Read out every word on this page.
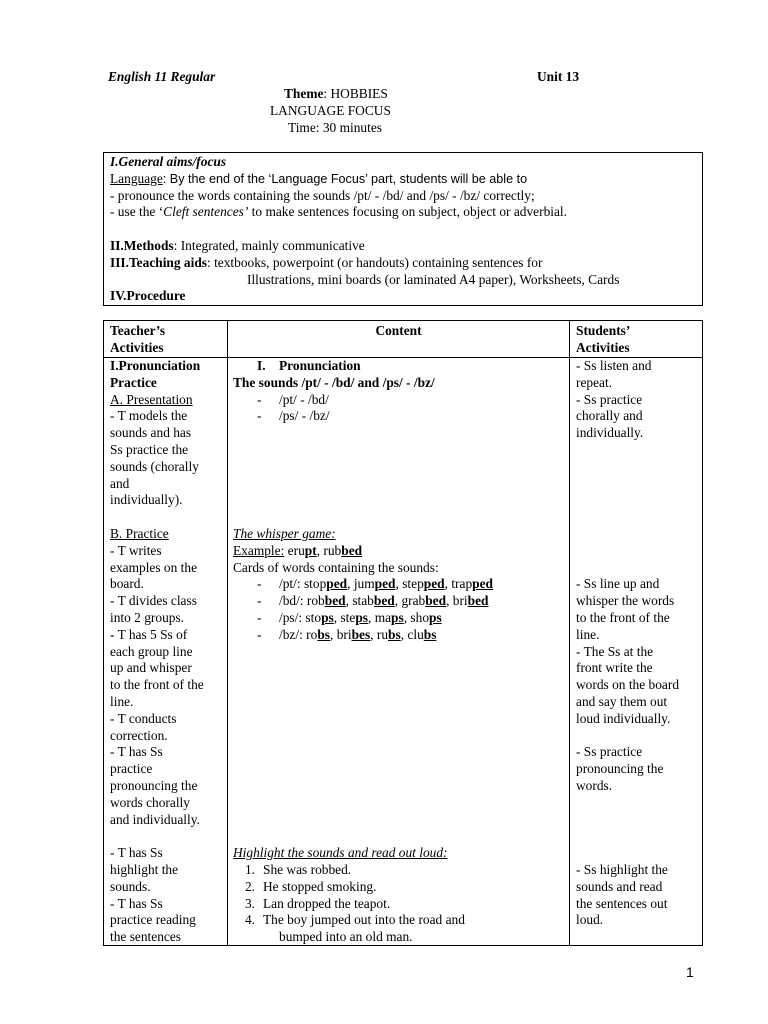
English 11 Regular	Unit 13
Theme: HOBBIES
LANGUAGE FOCUS
Time: 30 minutes
I.General aims/focus
Language: By the end of the ‘Language Focus’ part, students will be able to
- pronounce the words containing the sounds /pt/ - /bd/ and /ps/ - /bz/ correctly;
- use the ‘Cleft sentences’ to make sentences focusing on subject, object or adverbial.
II.Methods: Integrated, mainly communicative
III.Teaching aids: textbooks, powerpoint (or handouts) containing sentences for
Illustrations, mini boards (or laminated A4 paper), Worksheets, Cards
IV.Procedure
Teacher’s
Activities
Content	Students’
Activities
I.Pronunciation
Practice
A. Presentation
- T models the
sounds and has
Ss practice the
sounds (chorally
and
individually).
B. Practice
- T writes
examples on the
board.
- T divides class
into 2 groups.
- T has 5 Ss of
each group line
up and whisper
to the front of the
line.
- T conducts
correction.
- T has Ss
practice
pronouncing the
words chorally
and individually.
- T has Ss
highlight the
sounds.
- T has Ss
practice reading
the sentences
I. Pronunciation
The sounds /pt/ - /bd/ and /ps/ - /bz/
- /pt/ - /bd/
- /ps/ - /bz/
The whisper game:
Example: erupt, rubbed
Cards of words containing the sounds:
- /pt/: stopped, jumped, stepped, trapped
- /bd/: robbed, stabbed, grabbed, bribed
- /ps/: stops, steps, maps, shops
- /bz/: robs, bribes, rubs, clubs
Highlight the sounds and read out loud:
1. She was robbed.
2. He stopped smoking.
3. Lan dropped the teapot.
4. The boy jumped out into the road and
bumped into an old man.
- Ss listen and
repeat.
- Ss practice
chorally and
individually.
- Ss line up and
whisper the words
to the front of the
line.
- The Ss at the
front write the
words on the board
and say them out
loud individually.
- Ss practice
pronouncing the
words.
- Ss highlight the
sounds and read
the sentences out
loud.
1
